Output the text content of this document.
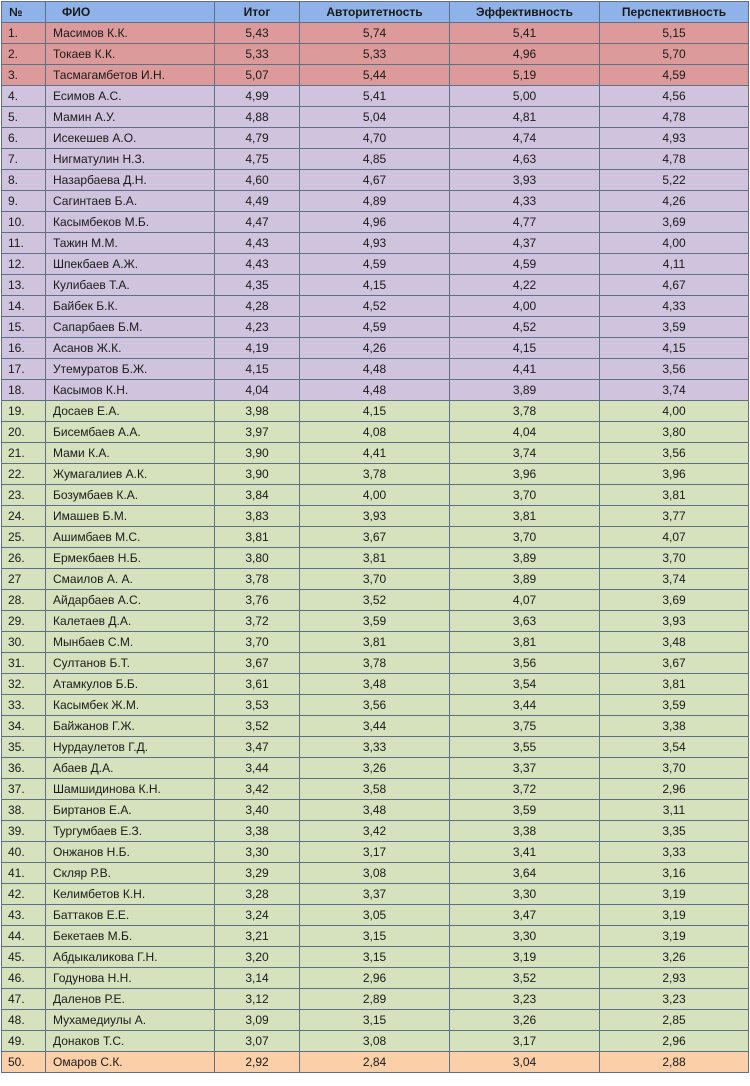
№	ФИО	Итог	Авторитетность	Эффективность	Перспективность
1.	Масимов К.К.	5,43	5,74	5,41	5,15
2.	Токаев К.К.	5,33	5,33	4,96	5,70
3.	Тасмагамбетов И.Н.	5,07	5,44	5,19	4,59
4.	Есимов А.С.	4,99	5,41	5,00	4,56
5.	Мамин А.У.	4,88	5,04	4,81	4,78
6.	Исекешев А.О.	4,79	4,70	4,74	4,93
7.	Нигматулин Н.З.	4,75	4,85	4,63	4,78
8.	Назарбаева Д.Н.	4,60	4,67	3,93	5,22
9.	Сагинтаев Б.А.	4,49	4,89	4,33	4,26
10.	Касымбеков М.Б.	4,47	4,96	4,77	3,69
11.	Тажин М.М.	4,43	4,93	4,37	4,00
12.	Шпекбаев А.Ж.	4,43	4,59	4,59	4,11
13.	Кулибаев Т.А.	4,35	4,15	4,22	4,67
14.	Байбек Б.К.	4,28	4,52	4,00	4,33
15.	Сапарбаев Б.М.	4,23	4,59	4,52	3,59
16.	Асанов Ж.К.	4,19	4,26	4,15	4,15
17.	Утемуратов Б.Ж.	4,15	4,48	4,41	3,56
18.	Касымов К.Н.	4,04	4,48	3,89	3,74
19.	Досаев Е.А.	3,98	4,15	3,78	4,00
20.	Бисембаев А.А.	3,97	4,08	4,04	3,80
21.	Мами К.А.	3,90	4,41	3,74	3,56
22.	Жумагалиев А.К.	3,90	3,78	3,96	3,96
23.	Бозумбаев К.А.	3,84	4,00	3,70	3,81
24.	Имашев Б.М.	3,83	3,93	3,81	3,77
25.	Ашимбаев М.С.	3,81	3,67	3,70	4,07
26.	Ермекбаев Н.Б.	3,80	3,81	3,89	3,70
27	Смаилов А. А.	3,78	3,70	3,89	3,74
28.	Айдарбаев А.С.	3,76	3,52	4,07	3,69
29.	Калетаев Д.А.	3,72	3,59	3,63	3,93
30.	Мынбаев С.М.	3,70	3,81	3,81	3,48
31.	Султанов Б.Т.	3,67	3,78	3,56	3,67
32.	Атамкулов Б.Б.	3,61	3,48	3,54	3,81
33.	Касымбек Ж.М.	3,53	3,56	3,44	3,59
34.	Байжанов Г.Ж.	3,52	3,44	3,75	3,38
35.	Нурдаулетов Г.Д.	3,47	3,33	3,55	3,54
36.	Абаев Д.А.	3,44	3,26	3,37	3,70
37.	Шамшидинова К.Н.	3,42	3,58	3,72	2,96
38.	Биртанов Е.А.	3,40	3,48	3,59	3,11
39.	Тургумбаев Е.З.	3,38	3,42	3,38	3,35
40.	Онжанов Н.Б.	3,30	3,17	3,41	3,33
41.	Скляр Р.В.	3,29	3,08	3,64	3,16
42.	Келимбетов К.Н.	3,28	3,37	3,30	3,19
43.	Баттаков Е.Е.	3,24	3,05	3,47	3,19
44.	Бекетаев М.Б.	3,21	3,15	3,30	3,19
45.	Абдыкаликова Г.Н.	3,20	3,15	3,19	3,26
46.	Годунова Н.Н.	3,14	2,96	3,52	2,93
47.	Даленов Р.Е.	3,12	2,89	3,23	3,23
48.	Мухамедиулы А.	3,09	3,15	3,26	2,85
49.	Донаков Т.С.	3,07	3,08	3,17	2,96
50.	Омаров С.К.	2,92	2,84	3,04	2,88
